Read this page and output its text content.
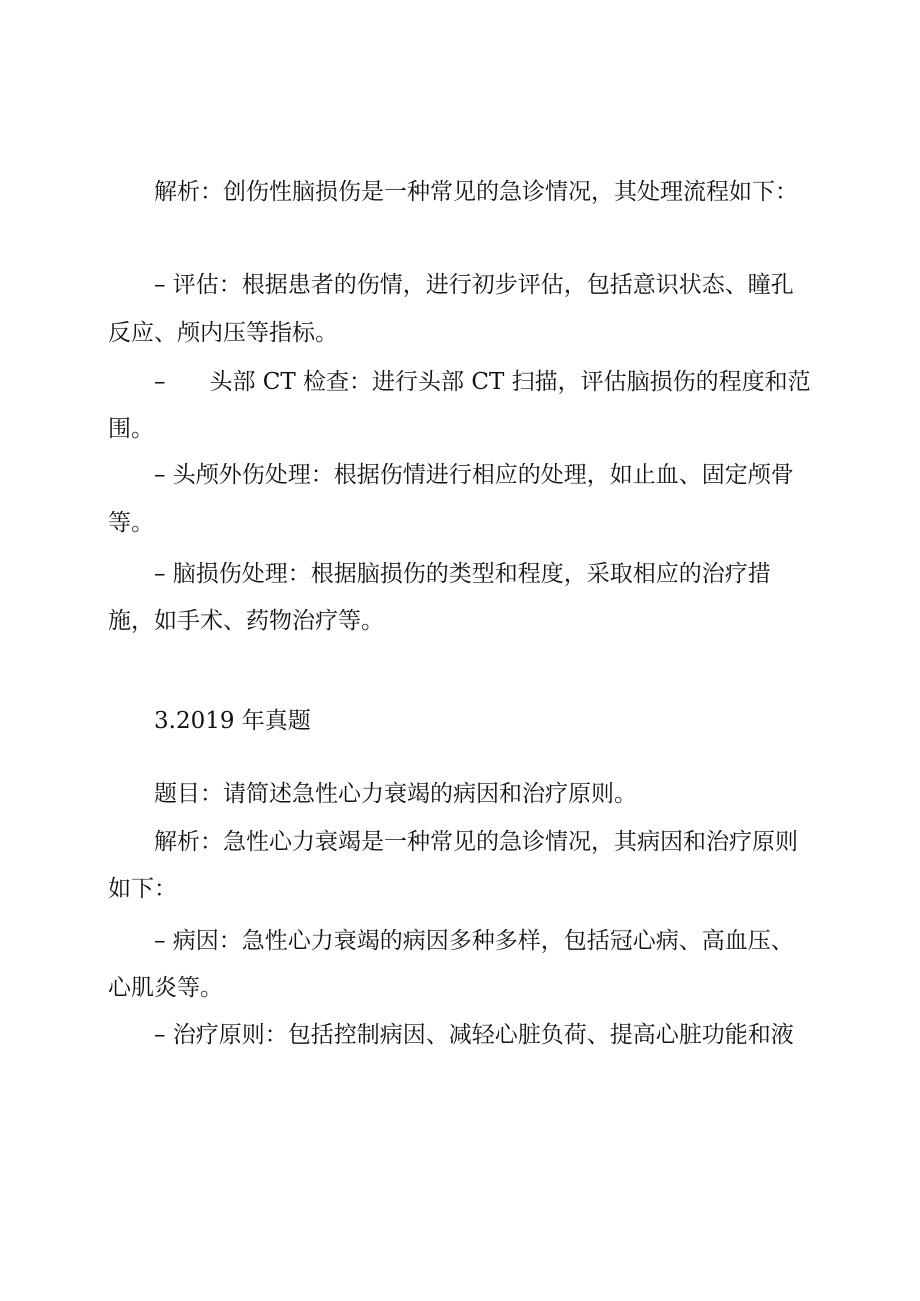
解析：创伤性脑损伤是一种常见的急诊情况，其处理流程如下：
– 评估：根据患者的伤情，进行初步评估，包括意识状态、瞳孔
反应、颅内压等指标。
– 头部 CT 检查：进行头部 CT 扫描，评估脑损伤的程度和范
围。
– 头颅外伤处理：根据伤情进行相应的处理，如止血、固定颅骨
等。
– 脑损伤处理：根据脑损伤的类型和程度，采取相应的治疗措
施，如手术、药物治疗等。
3.2019 年真题
题目：请简述急性心力衰竭的病因和治疗原则。
解析：急性心力衰竭是一种常见的急诊情况，其病因和治疗原则
如下：
– 病因：急性心力衰竭的病因多种多样，包括冠心病、高血压、
心肌炎等。
– 治疗原则：包括控制病因、减轻心脏负荷、提高心脏功能和液
